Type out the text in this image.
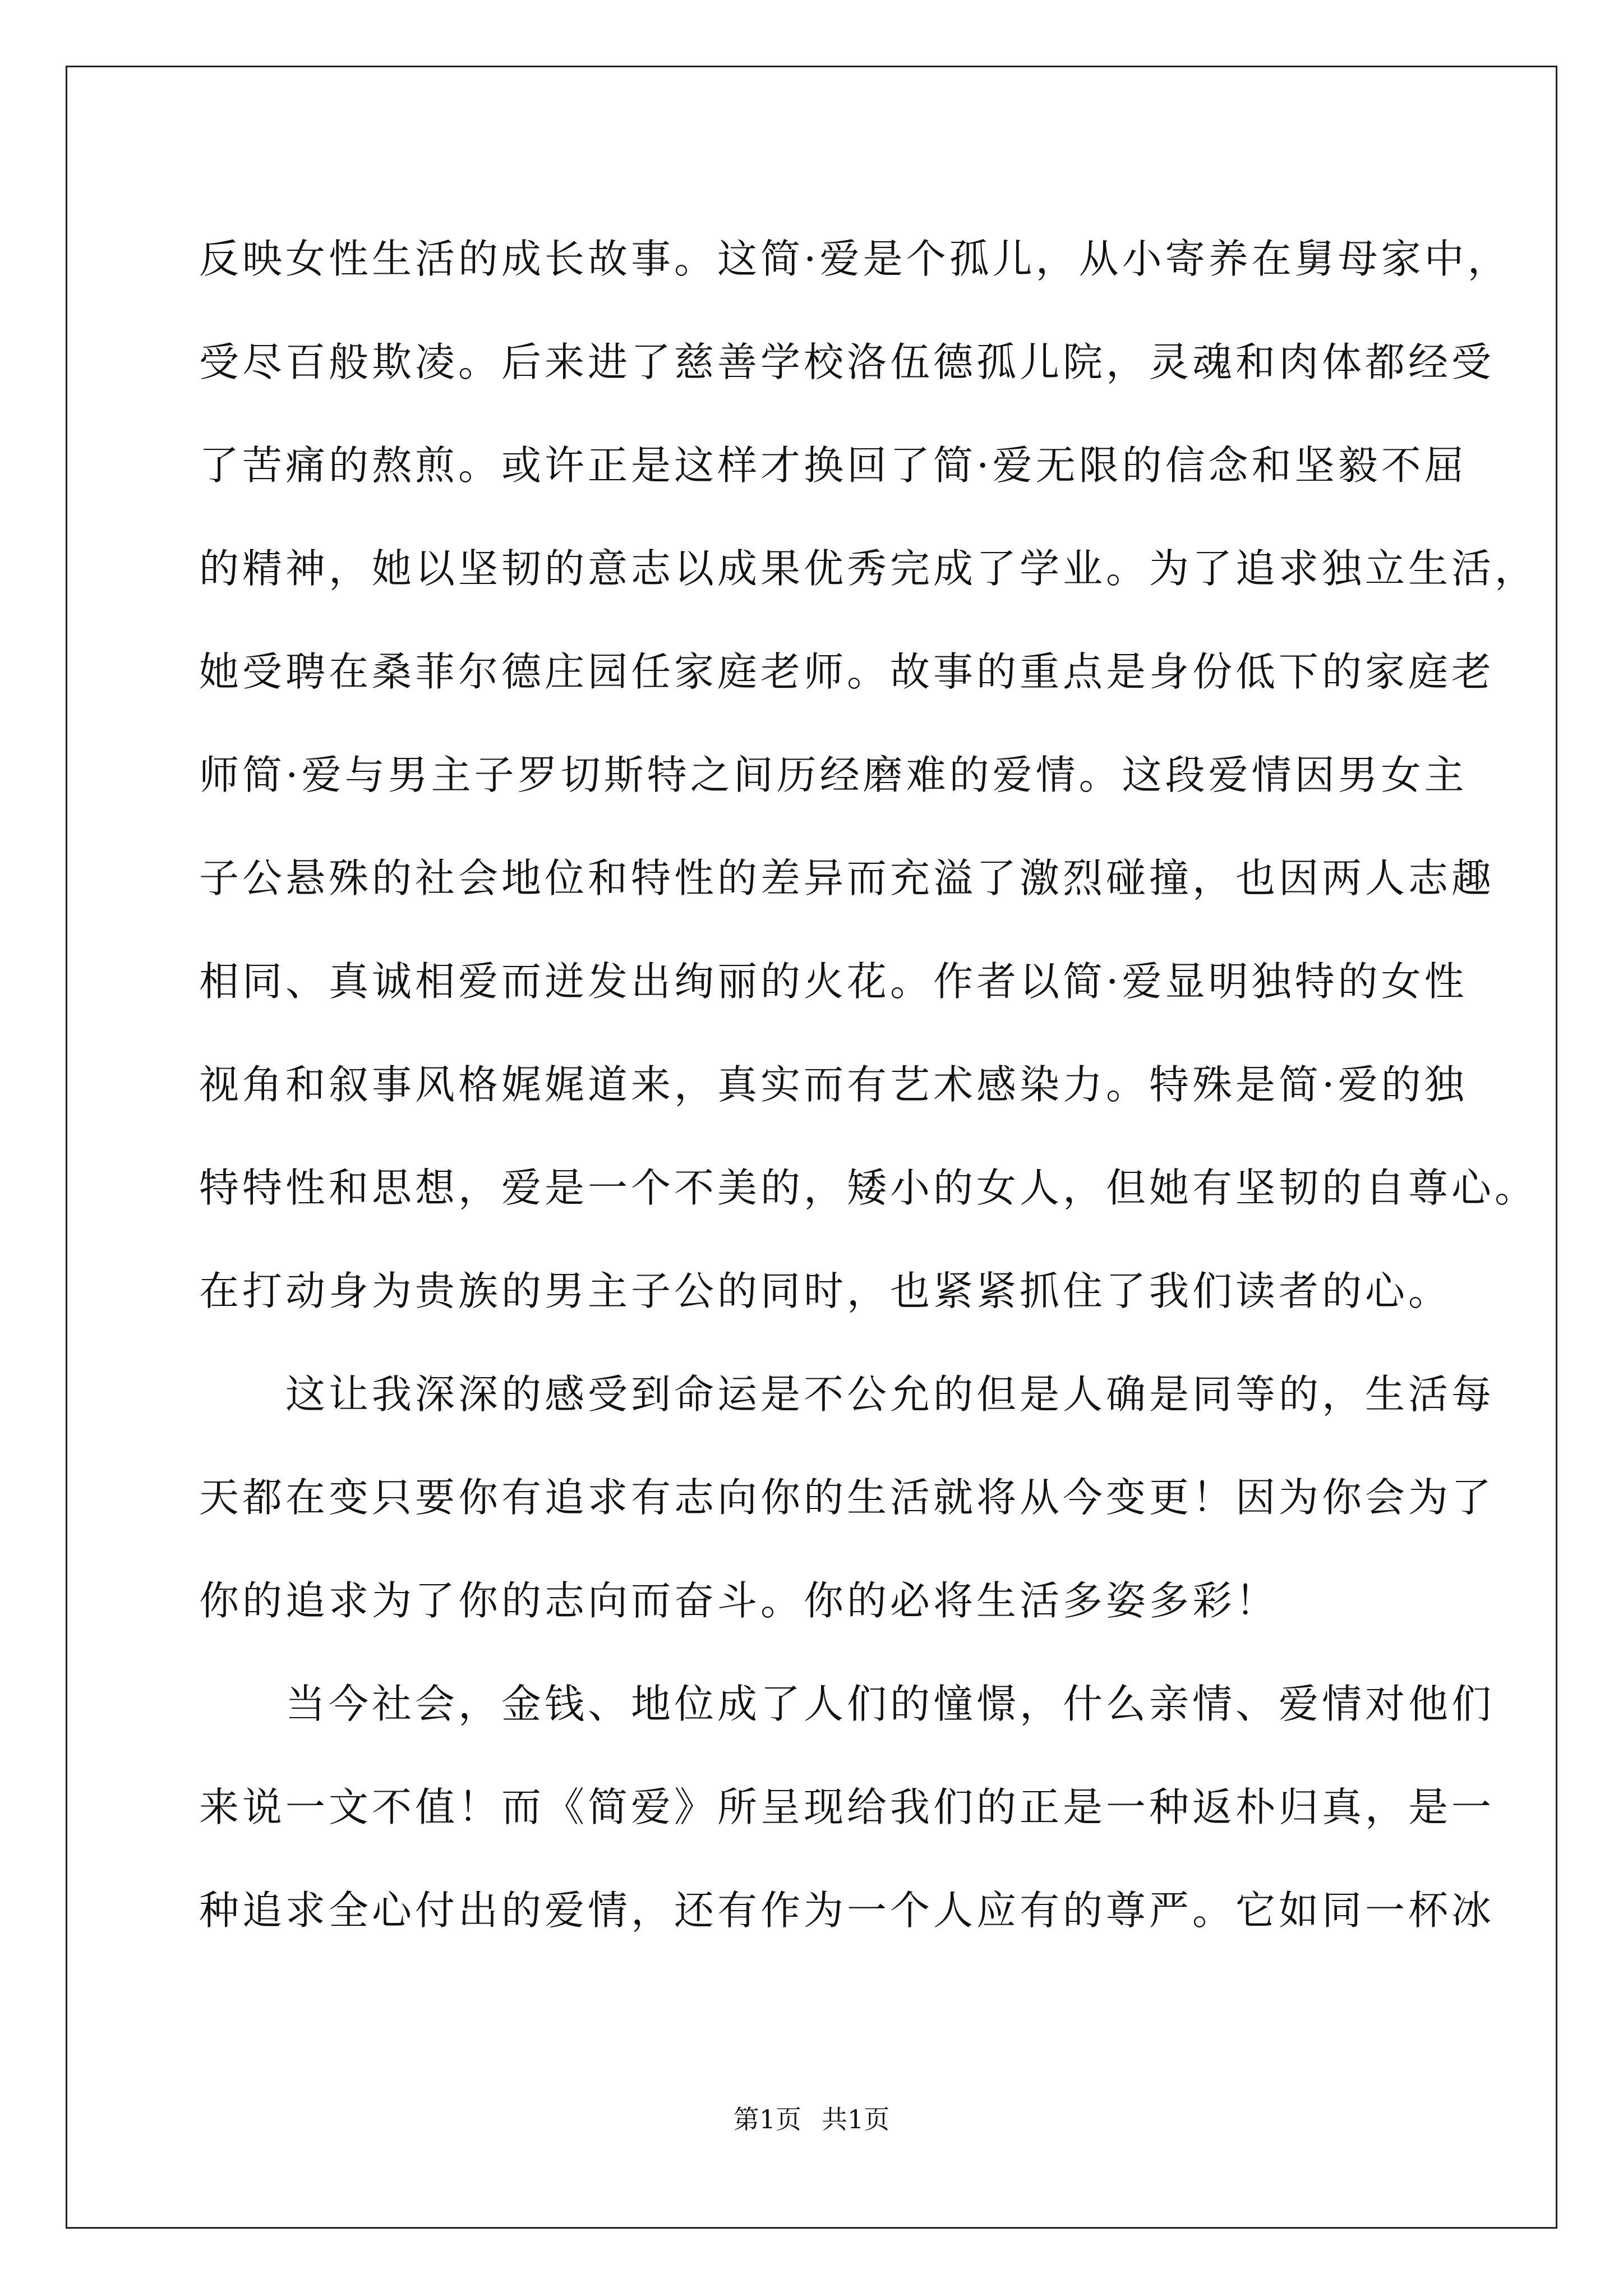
反映女性生活的成长故事。这简·爱是个孤儿，从小寄养在舅母家中，
受尽百般欺凌。后来进了慈善学校洛伍德孤儿院，灵魂和肉体都经受
了苦痛的熬煎。或许正是这样才换回了简·爱无限的信念和坚毅不屈
的精神，她以坚韧的意志以成果优秀完成了学业。为了追求独立生活，
她受聘在桑菲尔德庄园任家庭老师。故事的重点是身份低下的家庭老
师简·爱与男主子罗切斯特之间历经磨难的爱情。这段爱情因男女主
子公悬殊的社会地位和特性的差异而充溢了激烈碰撞，也因两人志趣
相同、真诚相爱而迸发出绚丽的火花。作者以简·爱显明独特的女性
视角和叙事风格娓娓道来，真实而有艺术感染力。特殊是简·爱的独
特特性和思想，爱是一个不美的，矮小的女人，但她有坚韧的自尊心。
在打动身为贵族的男主子公的同时，也紧紧抓住了我们读者的心。
　　这让我深深的感受到命运是不公允的但是人确是同等的，生活每
天都在变只要你有追求有志向你的生活就将从今变更！因为你会为了
你的追求为了你的志向而奋斗。你的必将生活多姿多彩！
　　当今社会，金钱、地位成了人们的憧憬，什么亲情、爱情对他们
来说一文不值！而《简爱》所呈现给我们的正是一种返朴归真，是一
种追求全心付出的爱情，还有作为一个人应有的尊严。它如同一杯冰
第1页 共1页
